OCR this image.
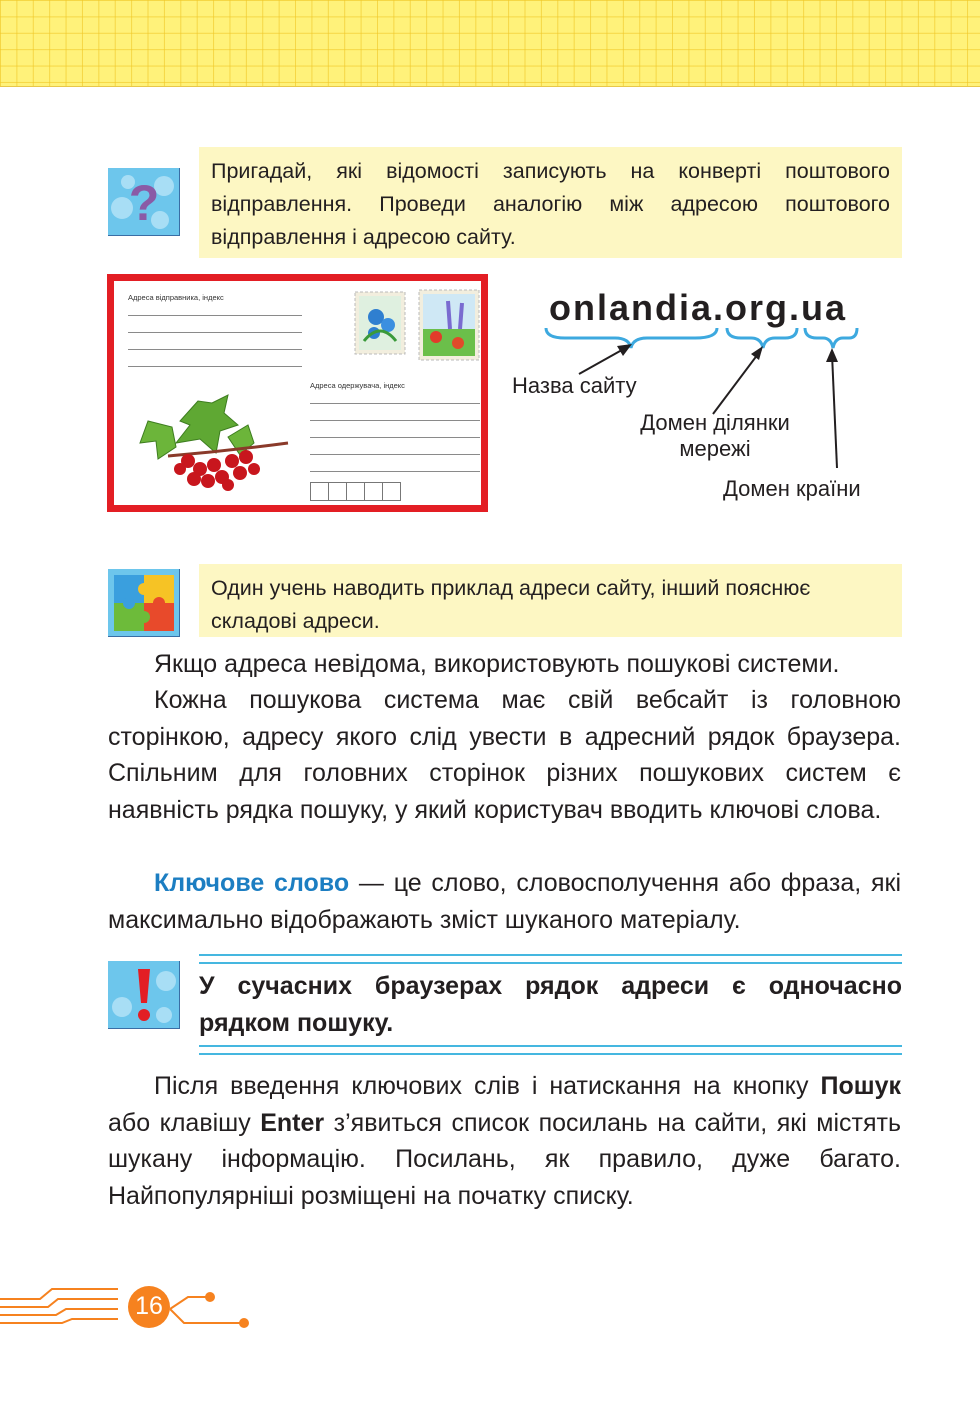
?
Пригадай, які відомості записують на конверті поштового відправлення. Проведи аналогію між адресою поштового відправлення і адресою сайту.
Адреса відправника, індекс
Адреса одержувача, індекс
onlandia.org.ua
Назва сайту
Домен ділянки
мережі
Домен країни
Один учень наводить приклад адреси сайту, інший пояснює складові адреси.
Якщо адреса невідома, використовують пошукові системи.
Кожна пошукова система має свій вебсайт із головною сторінкою, адресу якого слід увести в адресний рядок браузера. Спільним для головних сторінок різних пошукових систем є наявність рядка пошуку, у який користувач вводить ключові слова.
Ключове слово — це слово, словосполучення або фраза, які максимально відображають зміст шуканого матеріалу.
У сучасних браузерах рядок адреси є одночасно рядком пошуку.
Після введення ключових слів і натискання на кнопку Пошук або клавішу Enter з’явиться список посилань на сайти, які містять шукану інформацію. Посилань, як правило, дуже багато. Найпопулярніші розміщені на початку списку.
16
